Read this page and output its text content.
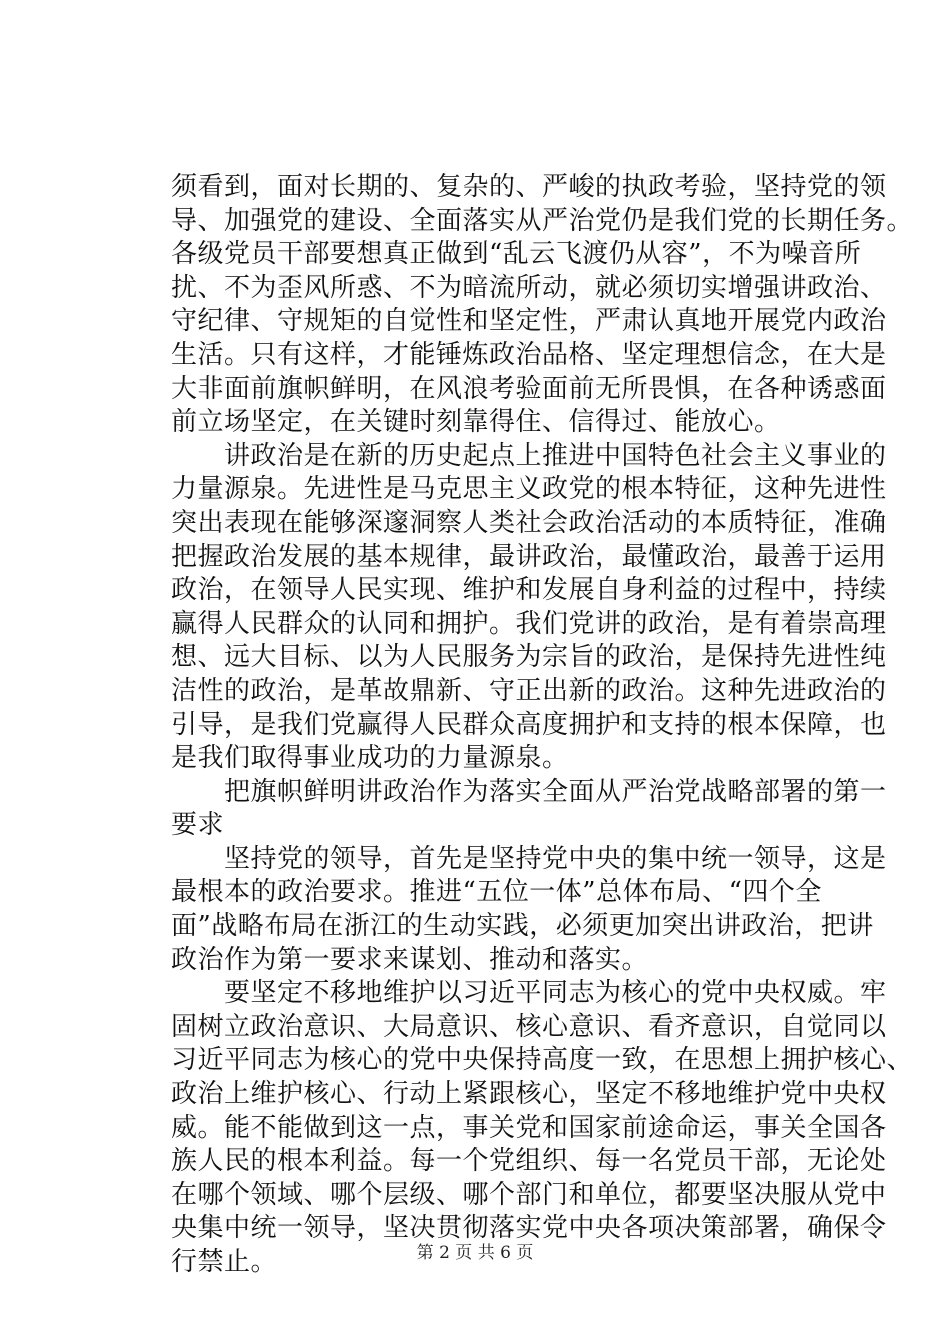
须看到，面对长期的、复杂的、严峻的执政考验，坚持党的领
导、加强党的建设、全面落实从严治党仍是我们党的长期任务。
各级党员干部要想真正做到“乱云飞渡仍从容”，不为噪音所
扰、不为歪风所惑、不为暗流所动，就必须切实增强讲政治、
守纪律、守规矩的自觉性和坚定性，严肃认真地开展党内政治
生活。只有这样，才能锤炼政治品格、坚定理想信念，在大是
大非面前旗帜鲜明，在风浪考验面前无所畏惧，在各种诱惑面
前立场坚定，在关键时刻靠得住、信得过、能放心。
　　讲政治是在新的历史起点上推进中国特色社会主义事业的
力量源泉。先进性是马克思主义政党的根本特征，这种先进性
突出表现在能够深邃洞察人类社会政治活动的本质特征，准确
把握政治发展的基本规律，最讲政治，最懂政治，最善于运用
政治，在领导人民实现、维护和发展自身利益的过程中，持续
赢得人民群众的认同和拥护。我们党讲的政治，是有着崇高理
想、远大目标、以为人民服务为宗旨的政治，是保持先进性纯
洁性的政治，是革故鼎新、守正出新的政治。这种先进政治的
引导，是我们党赢得人民群众高度拥护和支持的根本保障，也
是我们取得事业成功的力量源泉。
　　把旗帜鲜明讲政治作为落实全面从严治党战略部署的第一
要求
　　坚持党的领导，首先是坚持党中央的集中统一领导，这是
最根本的政治要求。推进“五位一体”总体布局、“四个全
面”战略布局在浙江的生动实践，必须更加突出讲政治，把讲
政治作为第一要求来谋划、推动和落实。
　　要坚定不移地维护以习近平同志为核心的党中央权威。牢
固树立政治意识、大局意识、核心意识、看齐意识，自觉同以
习近平同志为核心的党中央保持高度一致，在思想上拥护核心、
政治上维护核心、行动上紧跟核心，坚定不移地维护党中央权
威。能不能做到这一点，事关党和国家前途命运，事关全国各
族人民的根本利益。每一个党组织、每一名党员干部，无论处
在哪个领域、哪个层级、哪个部门和单位，都要坚决服从党中
央集中统一领导，坚决贯彻落实党中央各项决策部署，确保令
行禁止。	第 2 页 共 6 页
